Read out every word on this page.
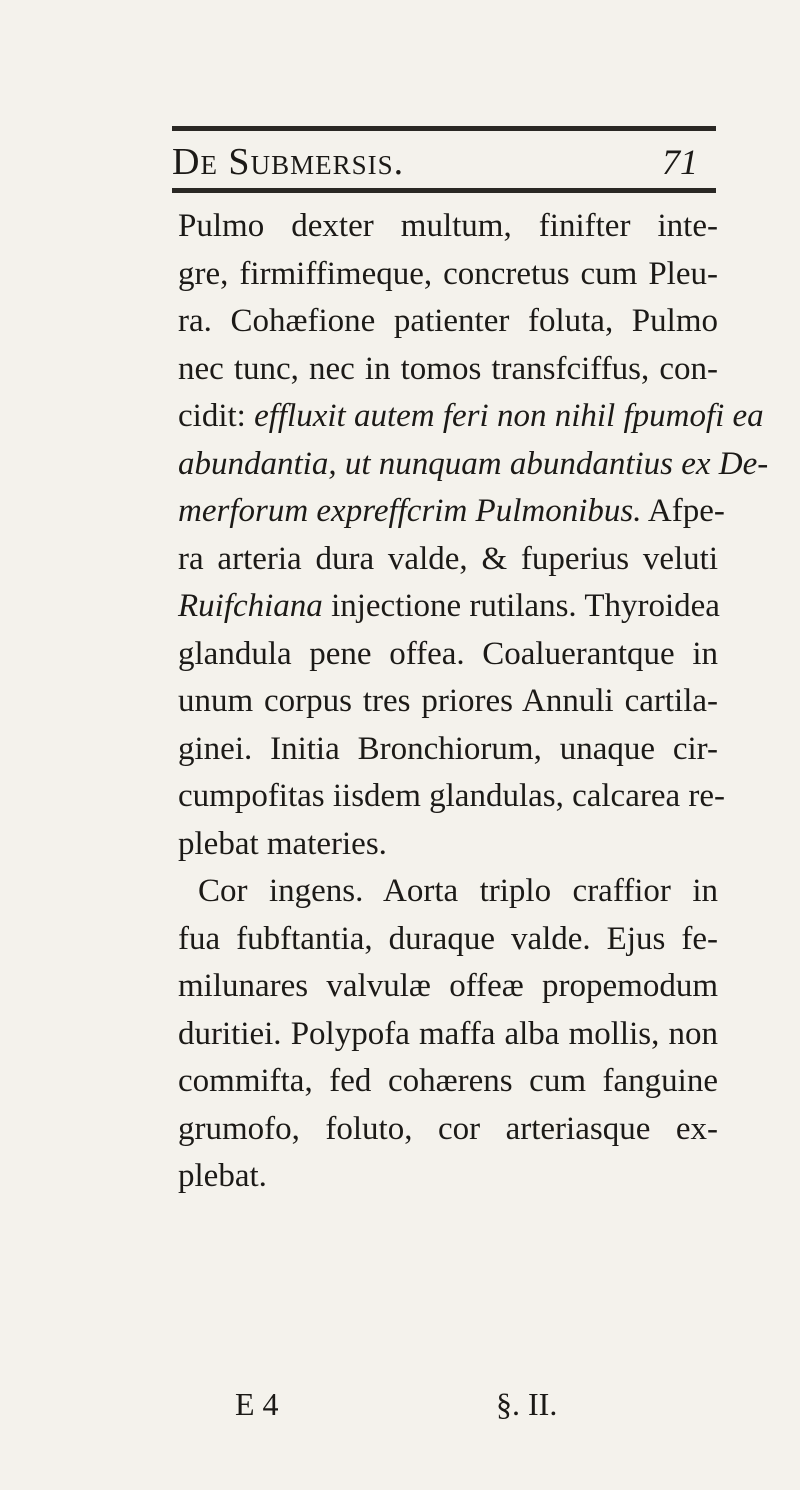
De Submersis.	71
Pulmo dexter multum, finifter inte-
gre, firmiffimeque, concretus cum Pleu-
ra. Cohæfione patienter foluta, Pulmo
nec tunc, nec in tomos transfciffus, con-
cidit: effluxit autem feri non nihil fpumofi ea
abundantia, ut nunquam abundantius ex De-
merforum expreffcrim Pulmonibus. Afpe-
ra arteria dura valde, & fuperius veluti
Ruifchiana injectione rutilans. Thyroidea
glandula pene offea. Coaluerantque in
unum corpus tres priores Annuli cartila-
ginei. Initia Bronchiorum, unaque cir-
cumpofitas iisdem glandulas, calcarea re-
plebat materies.
Cor ingens. Aorta triplo craffior in
fua fubftantia, duraque valde. Ejus fe-
milunares valvulæ offeæ propemodum
duritiei. Polypofa maffa alba mollis, non
commifta, fed cohærens cum fanguine
grumofo, foluto, cor arteriasque ex-
plebat.
E 4	§. II.
